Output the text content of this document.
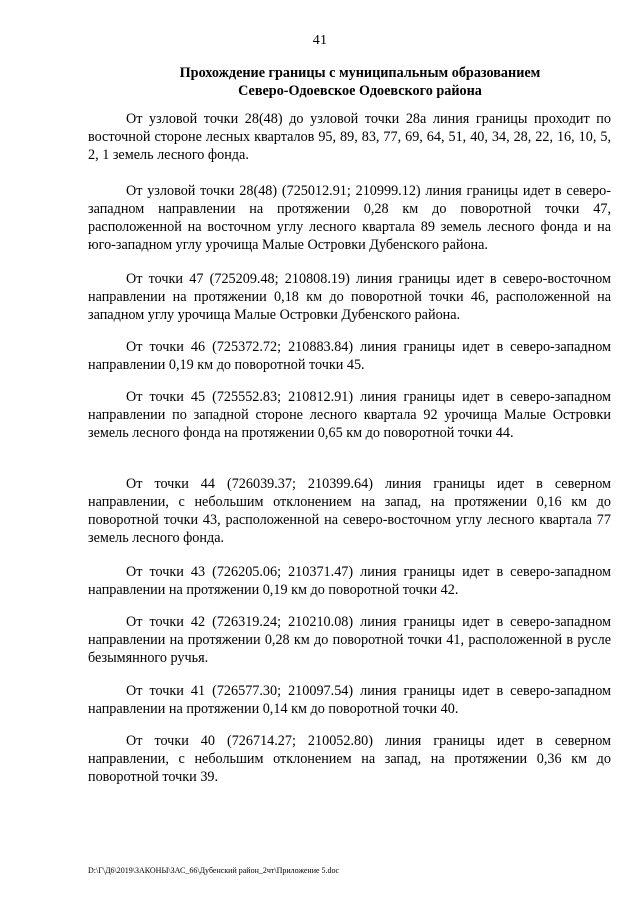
41
Прохождение границы с муниципальным образованием
Северо-Одоевское Одоевского района

От узловой точки 28(48) до узловой точки 28а линия границы проходит по восточной стороне лесных кварталов 95, 89, 83, 77, 69, 64, 51, 40, 34, 28, 22, 16, 10, 5, 2, 1 земель лесного фонда.

От узловой точки 28(48) (725012.91; 210999.12) линия границы идет в северо-западном направлении на протяжении 0,28 км до поворотной точки 47, расположенной на восточном углу лесного квартала 89 земель лесного фонда и на юго-западном углу урочища Малые Островки Дубенского района.

От точки 47 (725209.48; 210808.19) линия границы идет в северо-восточном направлении на протяжении 0,18 км до поворотной точки 46, расположенной на западном углу урочища Малые Островки Дубенского района.

От точки 46 (725372.72; 210883.84) линия границы идет в северо-западном направлении 0,19 км до поворотной точки 45.

От точки 45 (725552.83; 210812.91) линия границы идет в северо-западном направлении по западной стороне лесного квартала 92 урочища Малые Островки земель лесного фонда на протяжении 0,65 км до поворотной точки 44.

От точки 44 (726039.37; 210399.64) линия границы идет в северном направлении, с небольшим отклонением на запад, на протяжении 0,16 км до поворотной точки 43, расположенной на северо-восточном углу лесного квартала 77 земель лесного фонда.

От точки 43 (726205.06; 210371.47) линия границы идет в северо-западном направлении на протяжении 0,19 км до поворотной точки 42.

От точки 42 (726319.24; 210210.08) линия границы идет в северо-западном направлении на протяжении 0,28 км до поворотной точки 41, расположенной в русле безымянного ручья.

От точки 41 (726577.30; 210097.54) линия границы идет в северо-западном направлении на протяжении 0,14 км до поворотной точки 40.

От точки 40 (726714.27; 210052.80) линия границы идет в северном направлении, с небольшим отклонением на запад, на протяжении 0,36 км до поворотной точки 39.

D:\Г\Д6\2019\ЗАКОНЫ\ЗАС_66\Дубенский район_2чт\Приложение 5.doc
